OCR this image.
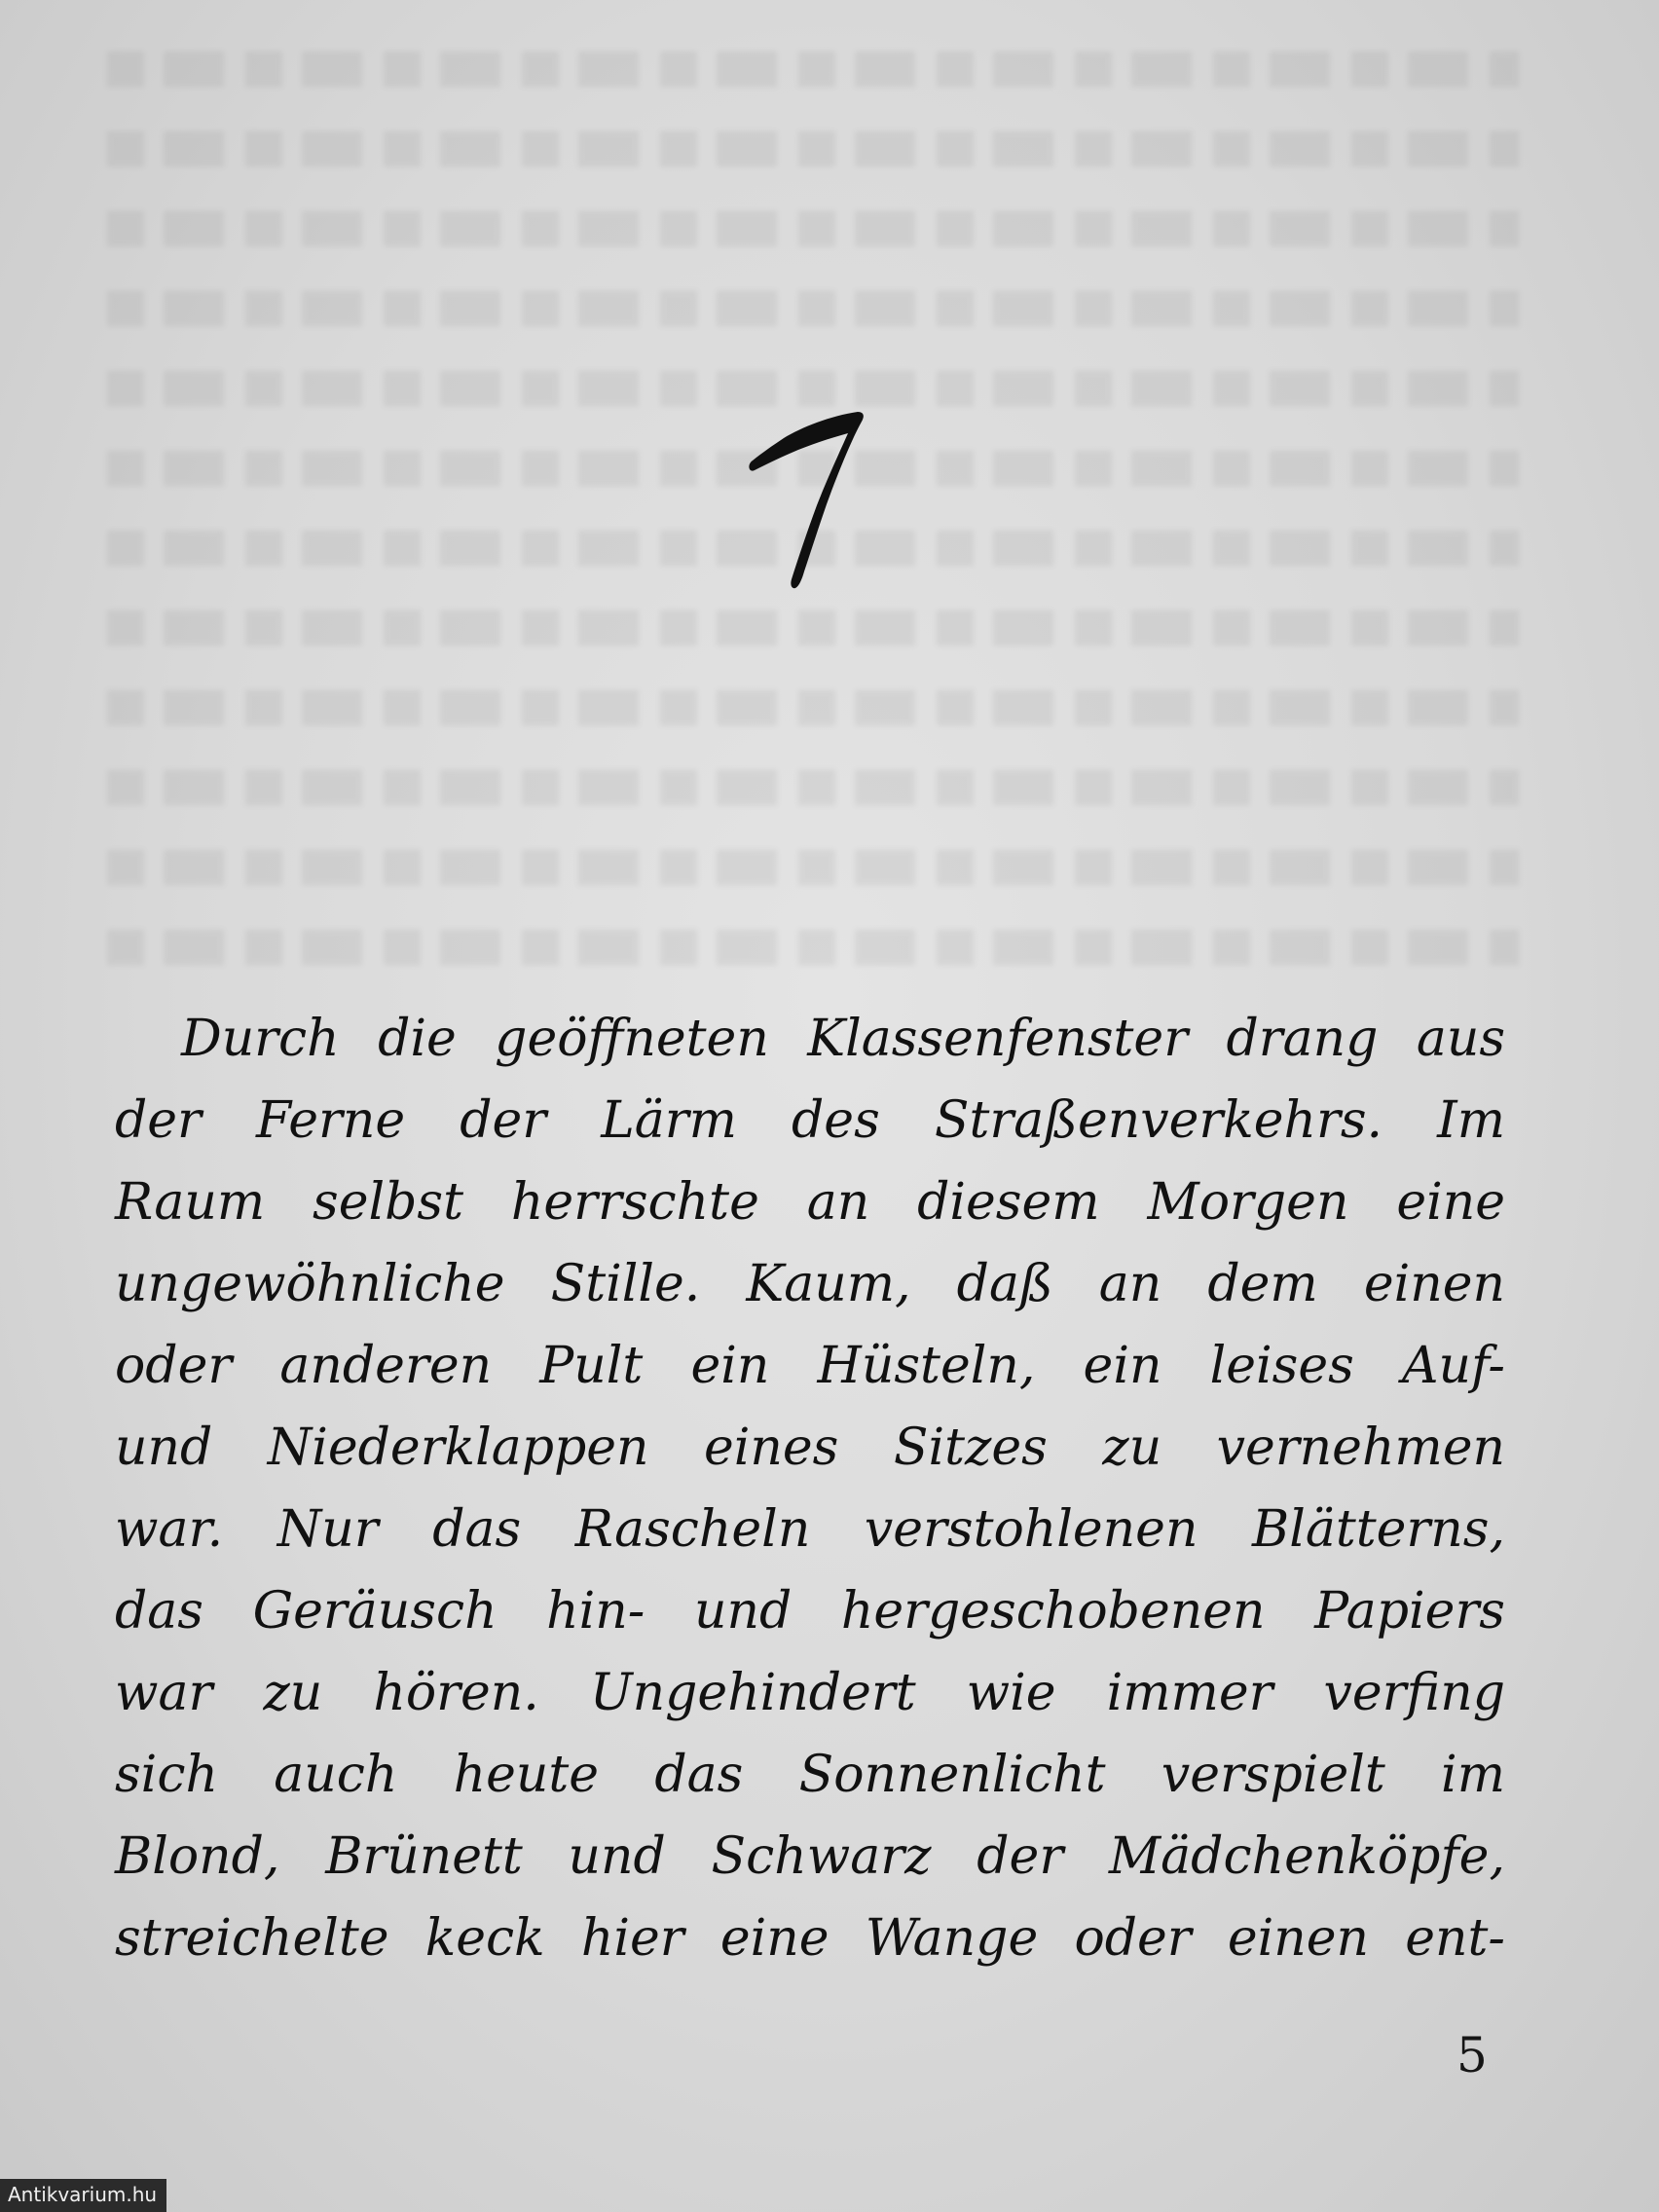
Durch die geöffneten Klassenfenster drang aus
der Ferne der Lärm des Straßenverkehrs. Im
Raum selbst herrschte an diesem Morgen eine
ungewöhnliche Stille. Kaum, daß an dem einen
oder anderen Pult ein Hüsteln, ein leises Auf-
und Niederklappen eines Sitzes zu vernehmen
war. Nur das Rascheln verstohlenen Blätterns,
das Geräusch hin- und hergeschobenen Papiers
war zu hören. Ungehindert wie immer verfing
sich auch heute das Sonnenlicht verspielt im
Blond, Brünett und Schwarz der Mädchenköpfe,
streichelte keck hier eine Wange oder einen ent-
5
Antikvarium.hu
